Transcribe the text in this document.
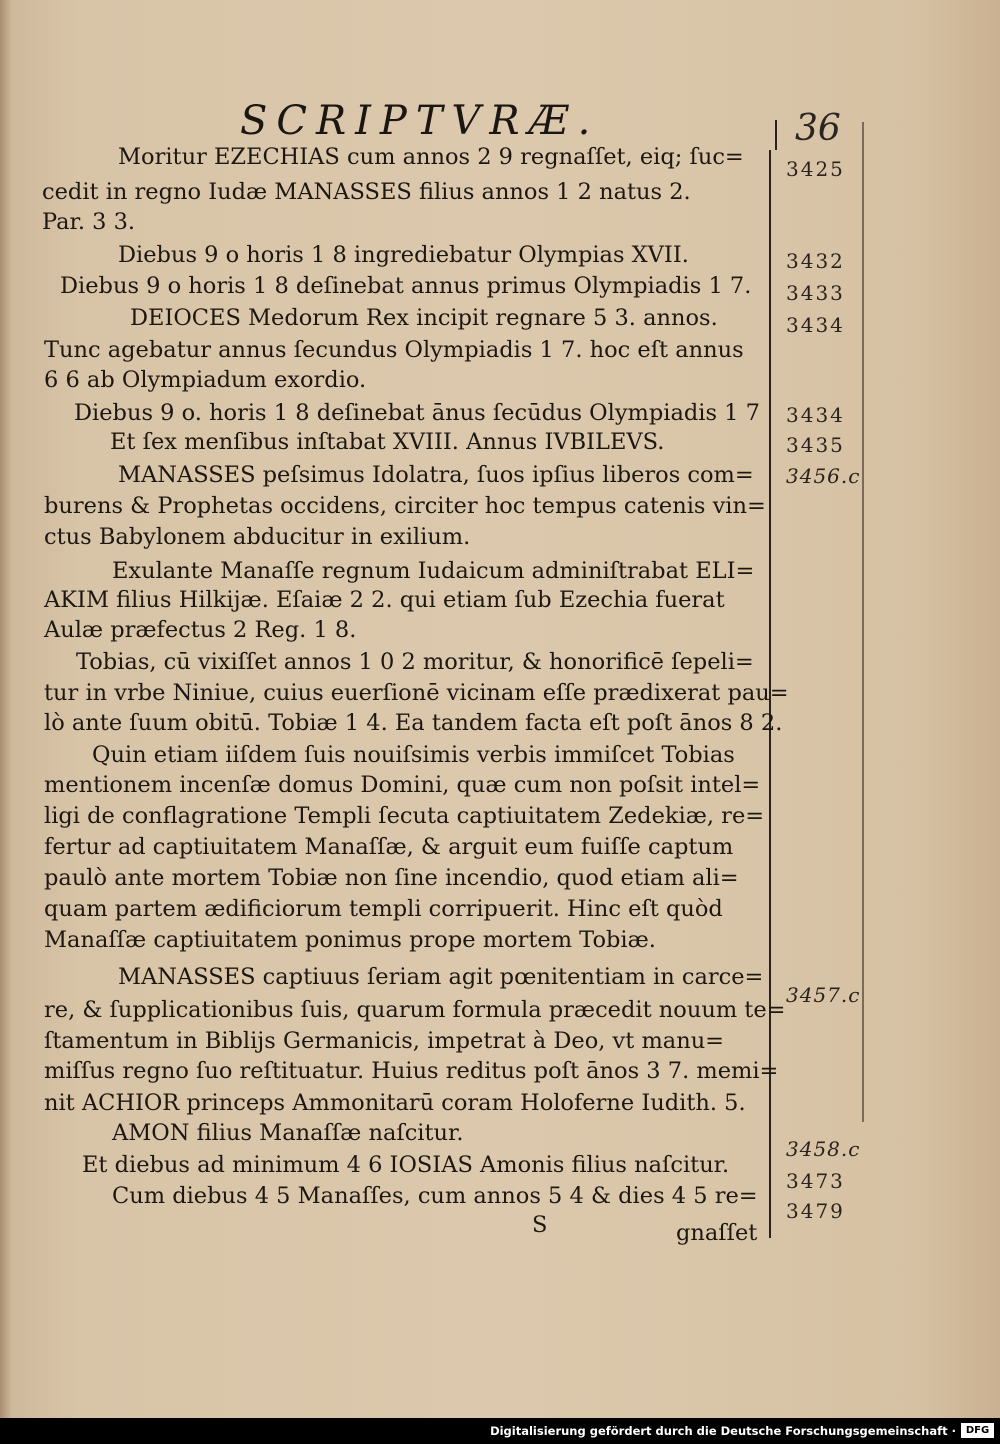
SCRIPTVRÆ.	36
Moritur EZECHIAS cum annos 2 9 regnaſſet, eiq; ſuc=
cedit in regno Iudæ MANASSES filius annos 1 2 natus 2.
Par. 3 3.
Diebus 9 o horis 1 8 ingrediebatur Olympias XVII.
Diebus 9 o horis 1 8 deſinebat annus primus Olympiadis 1 7.
DEIOCES Medorum Rex incipit regnare 5 3. annos.
Tunc agebatur annus ſecundus Olympiadis 1 7. hoc eſt annus
6 6 ab Olympiadum exordio.
Diebus 9 o. horis 1 8 deſinebat ānus ſecūdus Olympiadis 1 7
Et ſex menſibus inſtabat XVIII. Annus IVBILEVS.
MANASSES peſsimus Idolatra, ſuos ipſius liberos com=
burens & Prophetas occidens, circiter hoc tempus catenis vin=
ctus Babylonem abducitur in exilium.
Exulante Manaſſe regnum Iudaicum adminiſtrabat ELI=
AKIM filius Hilkijæ. Eſaiæ 2 2. qui etiam ſub Ezechia fuerat
Aulæ præfectus 2 Reg. 1 8.
Tobias, cū vixiſſet annos 1 0 2 moritur, & honorificē ſepeli=
tur in vrbe Niniue, cuius euerſionē vicinam eſſe prædixerat pau=
lò ante ſuum obitū. Tobiæ 1 4. Ea tandem facta eſt poſt ānos 8 2.
Quin etiam iiſdem ſuis nouiſsimis verbis immiſcet Tobias
mentionem incenſæ domus Domini, quæ cum non poſsit intel=
ligi de conflagratione Templi ſecuta captiuitatem Zedekiæ, re=
fertur ad captiuitatem Manaſſæ, & arguit eum fuiſſe captum
paulò ante mortem Tobiæ non ſine incendio, quod etiam ali=
quam partem ædificiorum templi corripuerit. Hinc eſt quòd
Manaſſæ captiuitatem ponimus prope mortem Tobiæ.
MANASSES captiuus ſeriam agit pœnitentiam in carce=
re, & ſupplicationibus ſuis, quarum formula præcedit nouum te=
ſtamentum in Biblijs Germanicis, impetrat à Deo, vt manu=
miſſus regno ſuo reſtituatur. Huius reditus poſt ānos 3 7. memi=
nit ACHIOR princeps Ammonitarū coram Holoferne Iudith. 5.
AMON filius Manaſſæ naſcitur.
Et diebus ad minimum 4 6 IOSIAS Amonis filius naſcitur.
Cum diebus 4 5 Manaſſes, cum annos 5 4 & dies 4 5 re=
S	gnaſſet
3425
3432
3433
3434
3434
3435
3456.c
3457.c
3458.c
3473
3479
Digitalisierung gefördert durch die Deutsche Forschungsgemeinschaft · DFG
